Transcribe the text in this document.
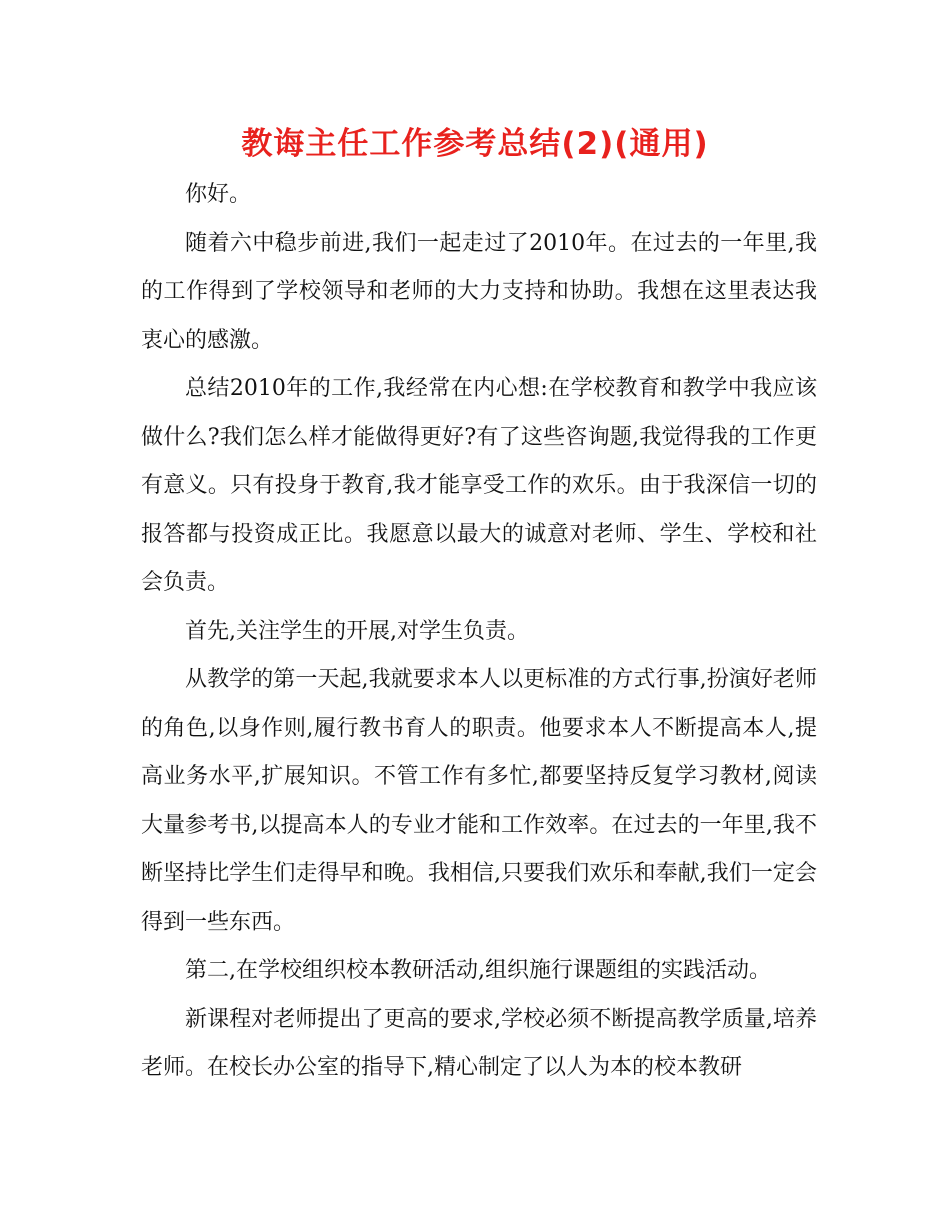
教诲主任工作参考总结(2)(通用)

你好。

随着六中稳步前进,我们一起走过了2010年。在过去的一年里,我的工作得到了学校领导和老师的大力支持和协助。我想在这里表达我衷心的感激。

总结2010年的工作,我经常在内心想:在学校教育和教学中我应该做什么?我们怎么样才能做得更好?有了这些咨询题,我觉得我的工作更有意义。只有投身于教育,我才能享受工作的欢乐。由于我深信一切的报答都与投资成正比。我愿意以最大的诚意对老师、学生、学校和社会负责。

首先,关注学生的开展,对学生负责。

从教学的第一天起,我就要求本人以更标准的方式行事,扮演好老师的角色,以身作则,履行教书育人的职责。他要求本人不断提高本人,提高业务水平,扩展知识。不管工作有多忙,都要坚持反复学习教材,阅读大量参考书,以提高本人的专业才能和工作效率。在过去的一年里,我不断坚持比学生们走得早和晚。我相信,只要我们欢乐和奉献,我们一定会得到一些东西。

第二,在学校组织校本教研活动,组织施行课题组的实践活动。

新课程对老师提出了更高的要求,学校必须不断提高教学质量,培养老师。在校长办公室的指导下,精心制定了以人为本的校本教研
